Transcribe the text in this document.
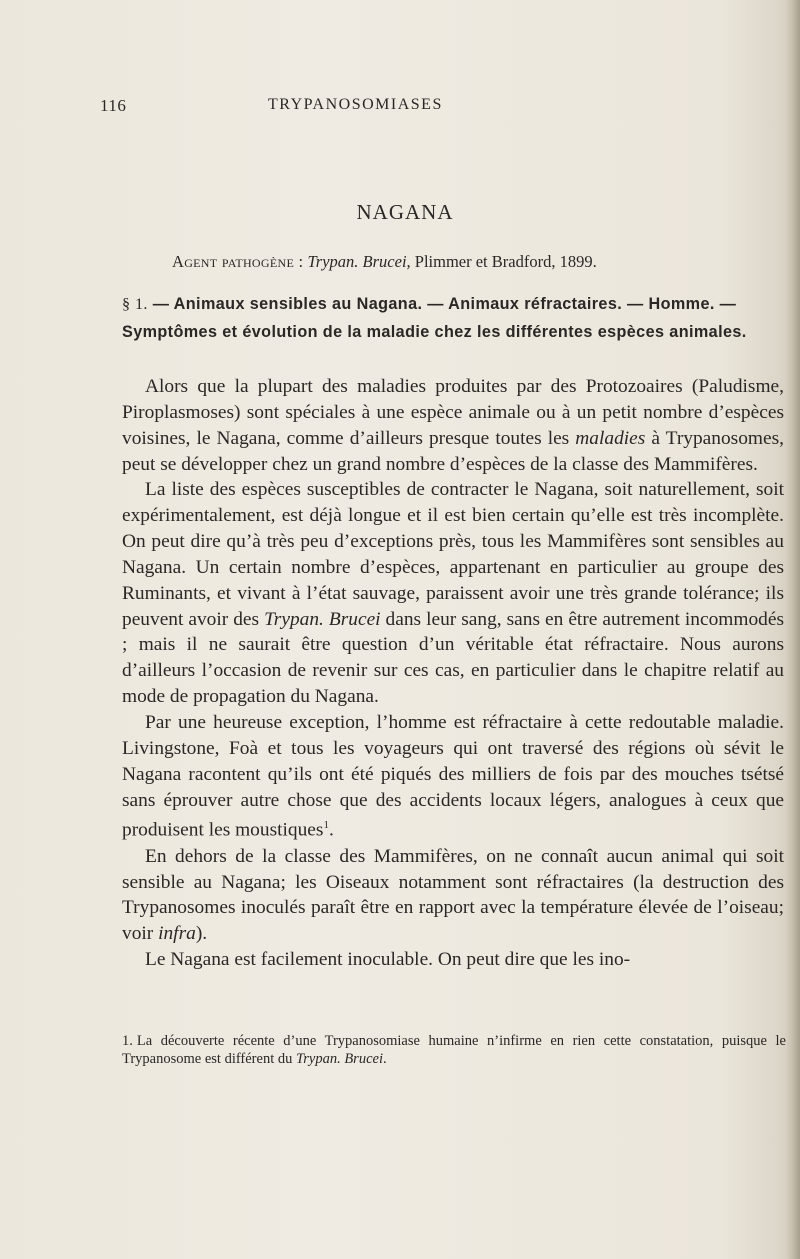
116	TRYPANOSOMIASES
NAGANA
Agent pathogène : Trypan. Brucei, Plimmer et Bradford, 1899.
§ 1. — Animaux sensibles au Nagana. — Animaux réfractaires. — Homme. — Symptômes et évolution de la maladie chez les différentes espèces animales.

Alors que la plupart des maladies produites par des Protozoaires (Paludisme, Piroplasmoses) sont spéciales à une espèce animale ou à un petit nombre d’espèces voisines, le Nagana, comme d’ailleurs presque toutes les maladies à Trypanosomes, peut se développer chez un grand nombre d’espèces de la classe des Mammifères.

La liste des espèces susceptibles de contracter le Nagana, soit naturellement, soit expérimentalement, est déjà longue et il est bien certain qu’elle est très incomplète. On peut dire qu’à très peu d’exceptions près, tous les Mammifères sont sensibles au Nagana. Un certain nombre d’espèces, appartenant en particulier au groupe des Ruminants, et vivant à l’état sauvage, paraissent avoir une très grande tolérance; ils peuvent avoir des Trypan. Brucei dans leur sang, sans en être autrement incommodés ; mais il ne saurait être question d’un véritable état réfractaire. Nous aurons d’ailleurs l’occasion de revenir sur ces cas, en particulier dans le chapitre relatif au mode de propagation du Nagana.

Par une heureuse exception, l’homme est réfractaire à cette redoutable maladie. Livingstone, Foà et tous les voyageurs qui ont traversé des régions où sévit le Nagana racontent qu’ils ont été piqués des milliers de fois par des mouches tsétsé sans éprouver autre chose que des accidents locaux légers, analogues à ceux que produisent les moustiques$^1$.

En dehors de la classe des Mammifères, on ne connaît aucun animal qui soit sensible au Nagana; les Oiseaux notamment sont réfractaires (la destruction des Trypanosomes inoculés paraît être en rapport avec la température élevée de l’oiseau; voir infra).

Le Nagana est facilement inoculable. On peut dire que les ino-

1. La découverte récente d’une Trypanosomiase humaine n’infirme en rien cette constatation, puisque le Trypanosome est différent du Trypan. Brucei.
